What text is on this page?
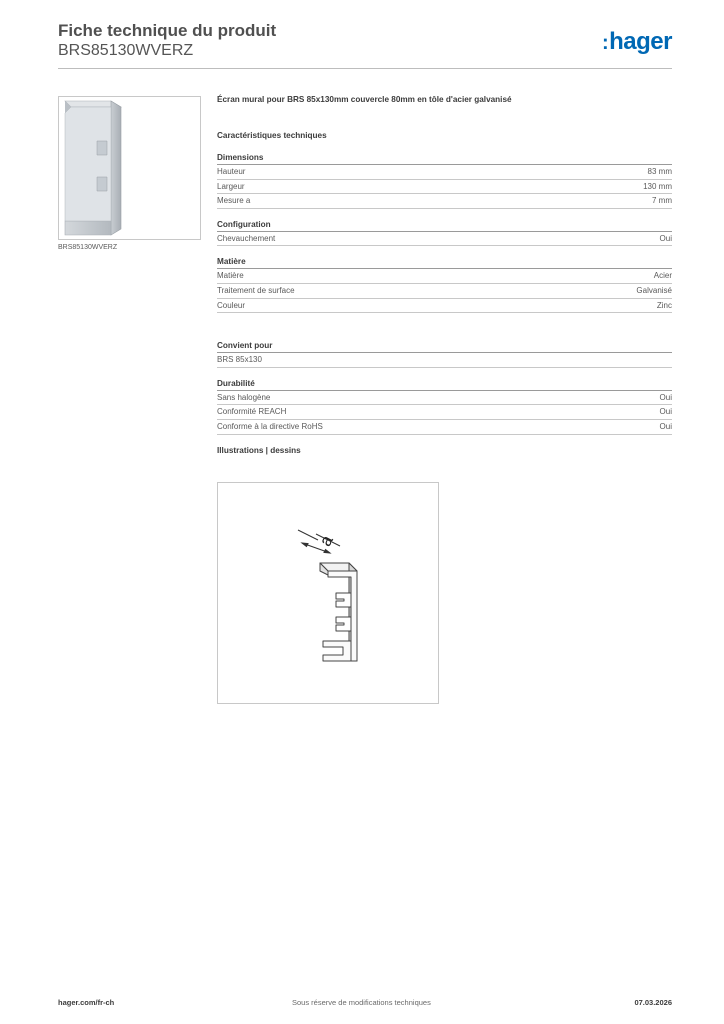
Fiche technique du produit
BRS85130WVERZ	:hager
BRS85130WVERZ
Écran mural pour BRS 85x130mm couvercle 80mm en tôle d'acier galvanisé
Caractéristiques techniques
Dimensions
Hauteur	83 mm
Largeur	130 mm
Mesure a	7 mm
Configuration
Chevauchement	Oui
Matière
Matière	Acier
Traitement de surface	Galvanisé
Couleur	Zinc
Convient pour
BRS 85x130
Durabilité
Sans halogène	Oui
Conformité REACH	Oui
Conforme à la directive RoHS	Oui
Illustrations | dessins
a
hager.com/fr-ch	Sous réserve de modifications techniques	07.03.2026
